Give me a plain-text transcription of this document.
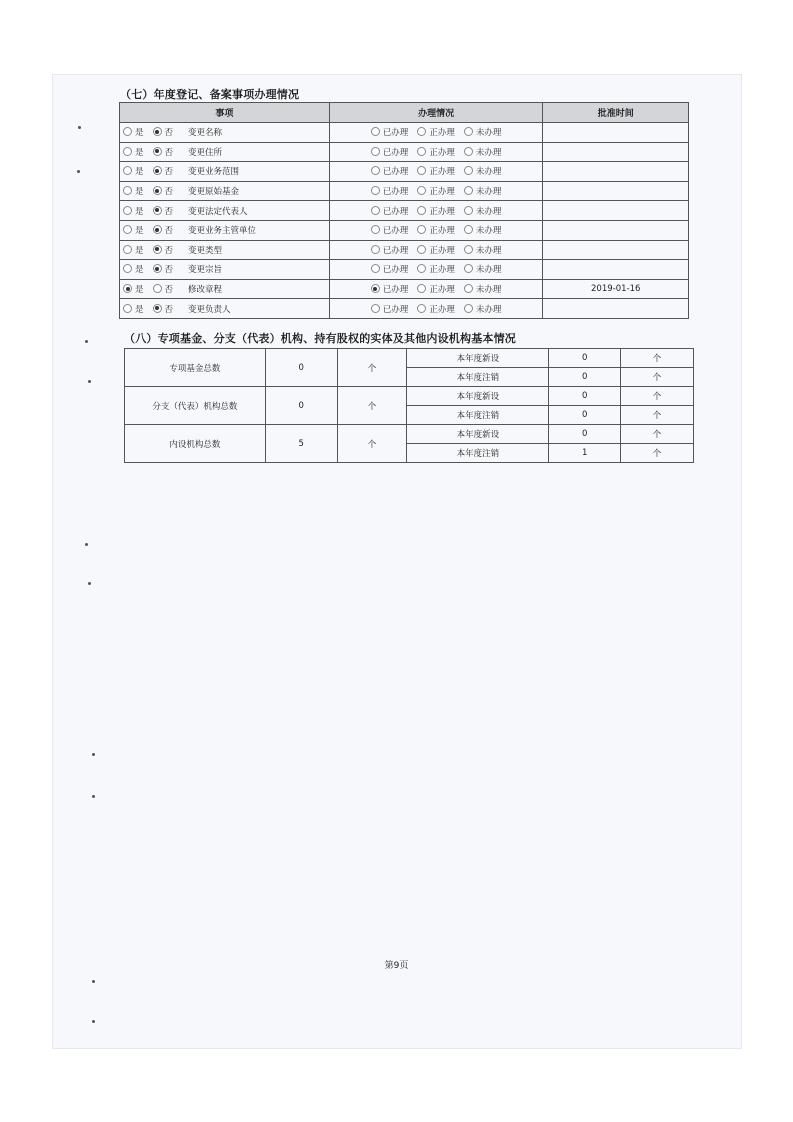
（七）年度登记、备案事项办理情况
事项	办理情况	批准时间
是 否 变更名称	已办理 正办理 未办理	
是 否 变更住所	已办理 正办理 未办理	
是 否 变更业务范围	已办理 正办理 未办理	
是 否 变更原始基金	已办理 正办理 未办理	
是 否 变更法定代表人	已办理 正办理 未办理	
是 否 变更业务主管单位	已办理 正办理 未办理	
是 否 变更类型	已办理 正办理 未办理	
是 否 变更宗旨	已办理 正办理 未办理	
是 否 修改章程	已办理 正办理 未办理	2019-01-16
是 否 变更负责人	已办理 正办理 未办理	
（八）专项基金、分支（代表）机构、持有股权的实体及其他内设机构基本情况
专项基金总数	0	个	本年度新设	0	个
			本年度注销	0	个
分支（代表）机构总数	0	个	本年度新设	0	个
			本年度注销	0	个
内设机构总数	5	个	本年度新设	0	个
			本年度注销	1	个
第9页
